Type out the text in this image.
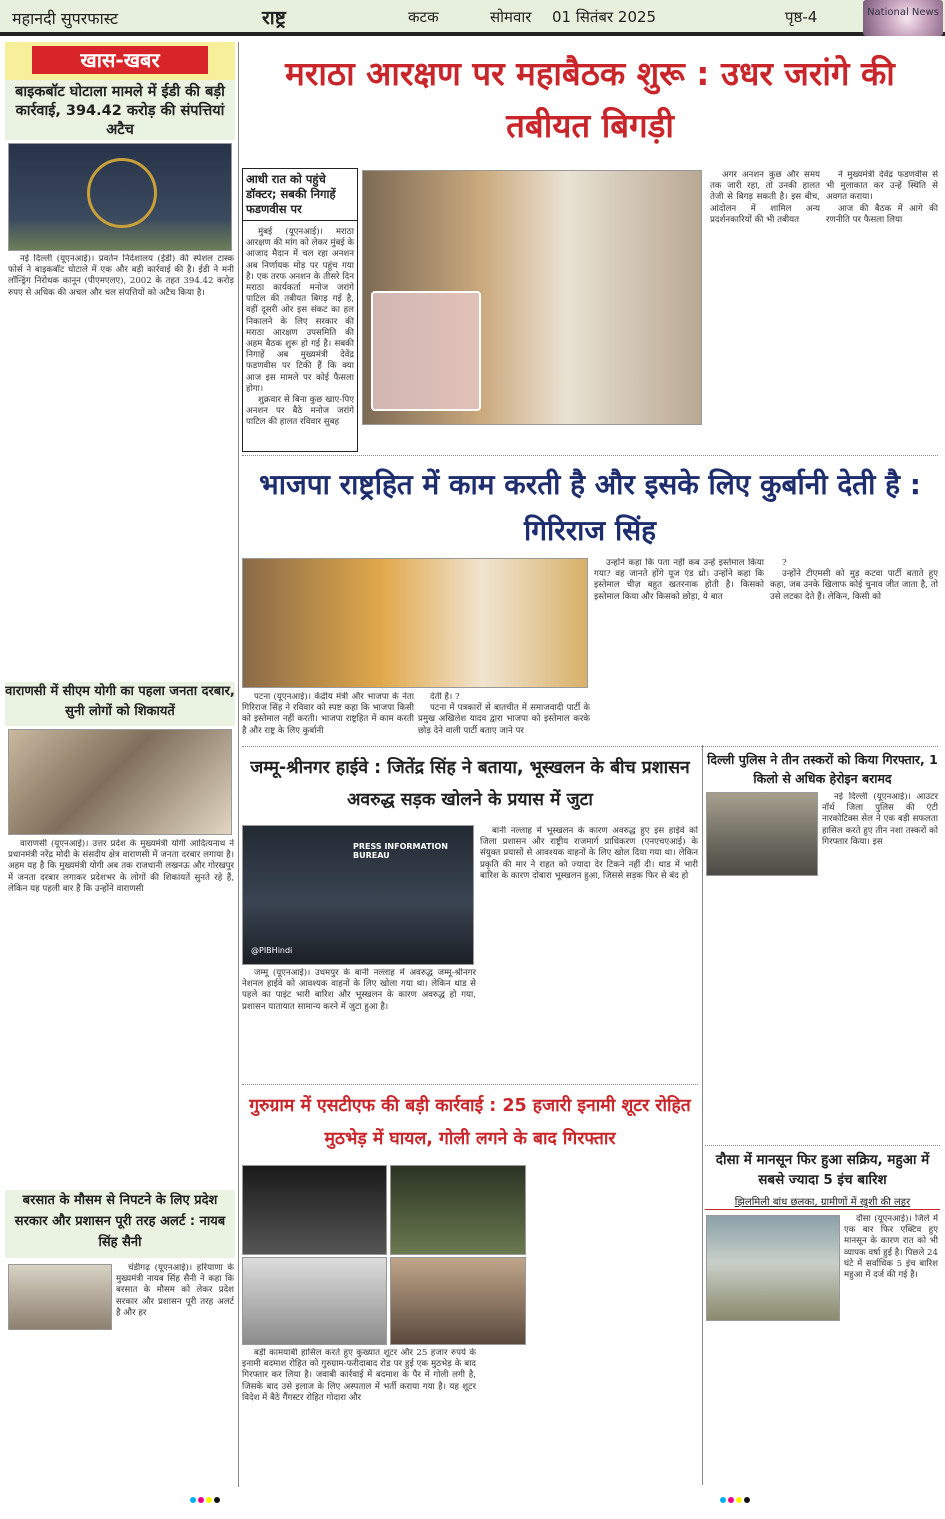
महानदी सुपरफास्ट	राष्ट्र	कटक	सोमवार 01 सितंबर 2025	पृष्ठ-4	National News
खास-खबर
बाइकबॉट घोटाला मामले में ईडी की बड़ी कार्रवाई, 394.42 करोड़ की संपत्तियां अटैच

नई दिल्ली (यूएनआई)। प्रवर्तन निदेशालय (ईडी) की स्पेशल टास्क फोर्स ने बाइकबॉट घोटाले में एक और बड़ी कार्रवाई की है। ईडी ने मनी लॉन्ड्रिंग निरोधक कानून (पीएमएलए), 2002 के तहत 394.42 करोड़ रुपए से अधिक की अचल और चल संपत्तियों को अटैच किया है।

वाराणसी में सीएम योगी का पहला जनता दरबार, सुनी लोगों को शिकायतें

वाराणसी (यूएनआई)। उत्तर प्रदेश के मुख्यमंत्री योगी आदित्यनाथ ने प्रधानमंत्री नरेंद्र मोदी के संसदीय क्षेत्र वाराणसी में जनता दरबार लगाया है। अहम यह है कि मुख्यमंत्री योगी अब तक राजधानी लखनऊ और गोरखपुर में जनता दरबार लगाकर प्रदेशभर के लोगों की शिकायतें सुनते रहे हैं, लेकिन यह पहली बार है कि उन्होंने वाराणसी

बरसात के मौसम से निपटने के लिए प्रदेश सरकार और प्रशासन पूरी तरह अलर्ट : नायब सिंह सैनी

चंडीगढ़ (यूएनआई)। हरियाणा के मुख्यमंत्री नायब सिंह सैनी ने कहा कि बरसात के मौसम को लेकर प्रदेश सरकार और प्रशासन पूरी तरह अलर्ट है और हर

मराठा आरक्षण पर महाबैठक शुरू : उधर जरांगे की तबीयत बिगड़ी
आधी रात को पहुंचे डॉक्टर; सबकी निगाहें फडणवीस पर

मुंबई (यूएनआई)। मराठा आरक्षण की मांग को लेकर मुंबई के आजाद मैदान में चल रहा अनशन अब निर्णायक मोड़ पर पहुंच गया है। एक तरफ अनशन के तीसरे दिन मराठा कार्यकर्ता मनोज जरांगे पाटिल की तबीयत बिगड़ गई है, वहीं दूसरी ओर इस संकट का हल निकालने के लिए सरकार की मराठा आरक्षण उपसमिति की अहम बैठक शुरू हो गई है। सबकी निगाहें अब मुख्यमंत्री देवेंद्र फडणवीस पर टिकी हैं कि क्या आज इस मामले पर कोई फैसला होगा।

शुक्रवार से बिना कुछ खाए-पिए अनशन पर बैठे मनोज जरांगे पाटिल की हालत रविवार सुबह

अगर अनशन कुछ और समय तक जारी रहा, तो उनकी हालत तेजी से बिगड़ सकती है। इस बीच, आंदोलन में शामिल अन्य प्रदर्शनकारियों की भी तबीयत

ने मुख्यमंत्री देवेंद्र फडणवीस से भी मुलाकात कर उन्हें स्थिति से अवगत कराया।

आज की बैठक में आगे की रणनीति पर फैसला लिया

भाजपा राष्ट्रहित में काम करती है और इसके लिए कुर्बानी देती है : गिरिराज सिंह

पटना (यूएनआई)। केंद्रीय मंत्री और भाजपा के नेता गिरिराज सिंह ने रविवार को स्पष्ट कहा कि भाजपा किसी को इस्तेमाल नहीं करती। भाजपा राष्ट्रहित में काम करती है और राष्ट्र के लिए कुर्बानी

देती है। ?

पटना में पत्रकारों से बातचीत में समाजवादी पार्टी के प्रमुख अखिलेश यादव द्वारा भाजपा को इस्तेमाल करके छोड़ देने वाली पार्टी बताए जाने पर

उन्होंने कहा कि पता नहीं कब उन्हें इस्तेमाल किया गया? वह जानते होंगे यूज एंड थ्रो। उन्होंने कहा कि इस्तेमाल चीज़ बहुत खतरनाक होती है। किसको इस्तेमाल किया और किसको छोड़ा, ये बात

?

उन्होंने टीएमसी को मुड़ कटवा पार्टी बताते हुए कहा, जब उनके खिलाफ कोई चुनाव जीत जाता है, तो उसे लटका देते हैं। लेकिन, किसी को

जम्मू-श्रीनगर हाईवे : जितेंद्र सिंह ने बताया, भूस्खलन के बीच प्रशासन अवरुद्ध सड़क खोलने के प्रयास में जुटा
PRESS INFORMATION BUREAU
@PIBHindi

जम्मू (यूएनआई)। उधमपुर के बानी नल्लाह में अवरुद्ध जम्मू-श्रीनगर नेशनल हाईवे को आवश्यक वाहनों के लिए खोला गया था। लेकिन थाड से पहले का पाइंट भारी बारिश और भूस्खलन के कारण अवरुद्ध हो गया, प्रशासन यातायात सामान्य करने में जुटा हुआ है।

बानी नल्लाह में भूस्खलन के कारण अवरुद्ध हुए इस हाईवे को जिला प्रशासन और राष्ट्रीय राजमार्ग प्राधिकरण (एनएचएआई) के संयुक्त प्रयासों से आवश्यक वाहनों के लिए खोल दिया गया था। लेकिन प्रकृति की मार ने राहत को ज्यादा देर टिकने नहीं दी। थाड में भारी बारिश के कारण दोबारा भूस्खलन हुआ, जिससे सड़क फिर से बंद हो

दिल्ली पुलिस ने तीन तस्करों को किया गिरफ्तार, 1 किलो से अधिक हेरोइन बरामद

नई दिल्ली (यूएनआई)। आउटर नॉर्थ जिला पुलिस की एंटी नारकोटिक्स सेल ने एक बड़ी सफलता हासिल करते हुए तीन नशा तस्करों को गिरफ्तार किया। इस

गुरुग्राम में एसटीएफ की बड़ी कार्रवाई : 25 हजारी इनामी शूटर रोहित मुठभेड़ में घायल, गोली लगने के बाद गिरफ्तार

बड़ी कामयाबी हासिल करते हुए कुख्यात शूटर और 25 हजार रुपये के इनामी बदमाश रोहित को गुरुग्राम-फरीदाबाद रोड पर हुई एक मुठभेड़ के बाद गिरफ्तार कर लिया है। जवाबी कार्रवाई में बदमाश के पैर में गोली लगी है, जिसके बाद उसे इलाज के लिए अस्पताल में भर्ती कराया गया है। यह शूटर विदेश में बैठे गैंगस्टर रोहित गोदारा और

दौसा में मानसून फिर हुआ सक्रिय, महुआ में सबसे ज्यादा 5 इंच बारिश
झिलमिली बांध छलका, ग्रामीणों में खुशी की लहर

दौसा (यूएनआई)। जिले में एक बार फिर एक्टिव हुए मानसून के कारण रात को भी व्यापक वर्षा हुई है। पिछले 24 घंटे में सर्वाधिक 5 इंच बारिश महुआ में दर्ज की गई है।
